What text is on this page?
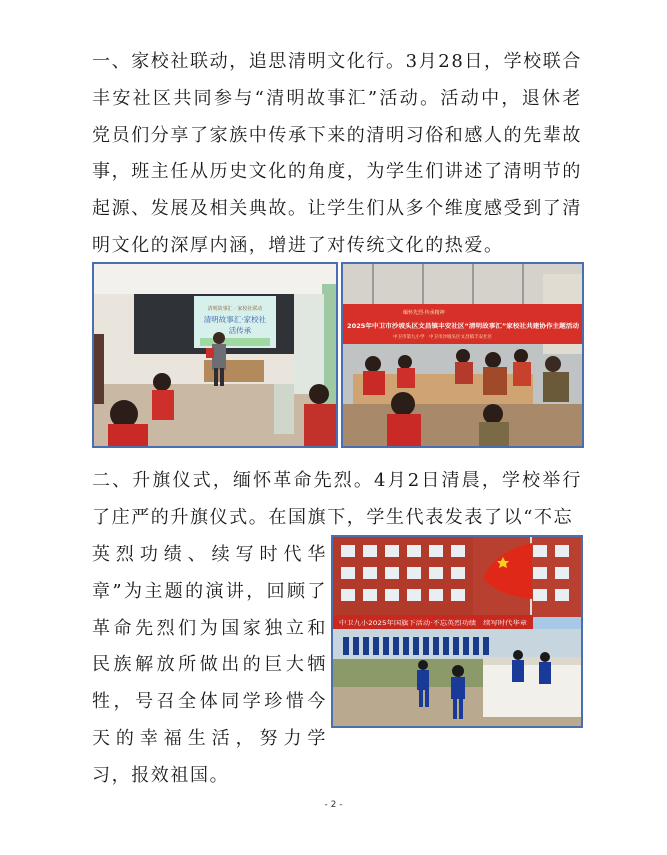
一、家校社联动，追思清明文化行。3月28日，学校联合丰安社区共同参与“清明故事汇”活动。活动中，退休老党员们分享了家族中传承下来的清明习俗和感人的先辈故事，班主任从历史文化的角度，为学生们讲述了清明节的起源、发展及相关典故。让学生们从多个维度感受到了清明文化的深厚内涵，增进了对传统文化的热爱。

清明故事汇 · 家校社联动
清明故事汇·家校社
活传承
缅怀先烈·传承精神
2025年中卫市沙坡头区文昌镇丰安社区“清明故事汇”家校社共建协作主题活动
中卫市第九小学　中卫市沙坡头区文昌镇丰安社区

二、升旗仪式，缅怀革命先烈。4月2日清晨，学校举行了庄严的升旗仪式。在国旗下，学生代表发表了以“不忘

英烈功绩、续写时代华章”为主题的演讲，回顾了革命先烈们为国家独立和民族解放所做出的巨大牺牲，号召全体同学珍惜今天的幸福生活，努力学习，报效祖国。

中卫九小2025年国旗下活动·不忘英烈功绩　续写时代华章
- 2 -
